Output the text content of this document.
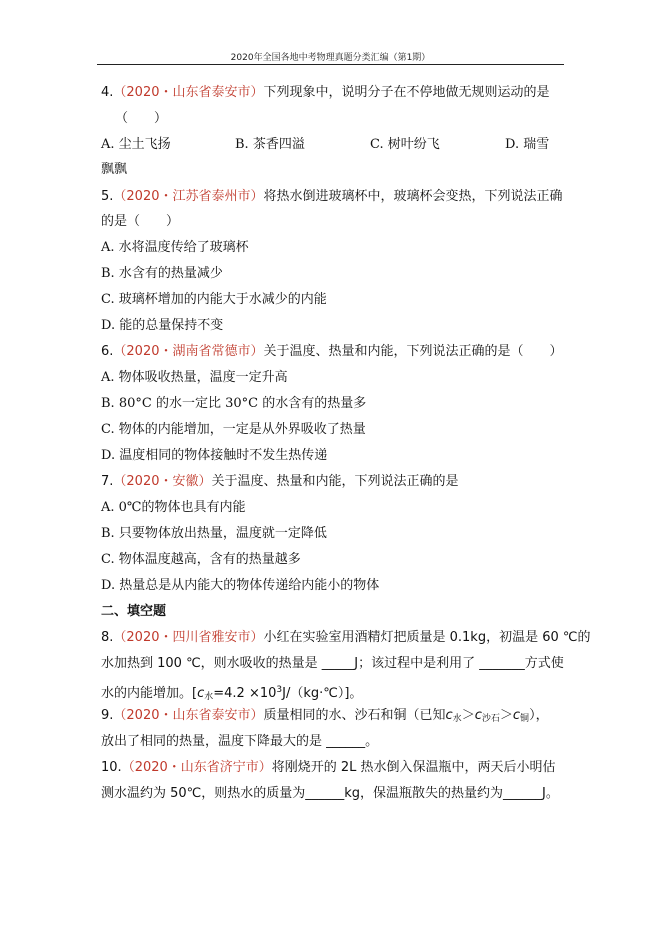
2020年全国各地中考物理真题分类汇编（第1期）
4.（2020・山东省泰安市）下列现象中，说明分子在不停地做无规则运动的是
（　　）
A. 尘土飞扬	B. 茶香四溢	C. 树叶纷飞	D. 瑞雪
飘飘
5.（2020・江苏省泰州市）将热水倒进玻璃杯中，玻璃杯会变热，下列说法正确
的是（　　）
A. 水将温度传给了玻璃杯
B. 水含有的热量减少
C. 玻璃杯增加的内能大于水减少的内能
D. 能的总量保持不变
6.（2020・湖南省常德市）关于温度、热量和内能，下列说法正确的是（　　）
A. 物体吸收热量，温度一定升高
B. 80°C 的水一定比 30°C 的水含有的热量多
C. 物体的内能增加，一定是从外界吸收了热量
D. 温度相同的物体接触时不发生热传递
7.（2020・安徽）关于温度、热量和内能，下列说法正确的是
A. 0℃的物体也具有内能
B. 只要物体放出热量，温度就一定降低
C. 物体温度越高，含有的热量越多
D. 热量总是从内能大的物体传递给内能小的物体
二、填空题
8.（2020・四川省雅安市）小红在实验室用酒精灯把质量是 0.1kg，初温是 60 ℃的
水加热到 100 ℃，则水吸收的热量是 _____J；该过程中是利用了 _______方式使
水的内能增加。[$c_水=4.2$ $\times 10^3J/(kg\cdot℃)$]。
9.（2020・山东省泰安市）质量相同的水、沙石和铜（已知$c_水>c_{沙石}>c_铜$），
放出了相同的热量，温度下降最大的是 ______。
10.（2020・山东省济宁市）将刚烧开的 2L 热水倒入保温瓶中，两天后小明估
测水温约为 50℃，则热水的质量为______kg，保温瓶散失的热量约为______J。
